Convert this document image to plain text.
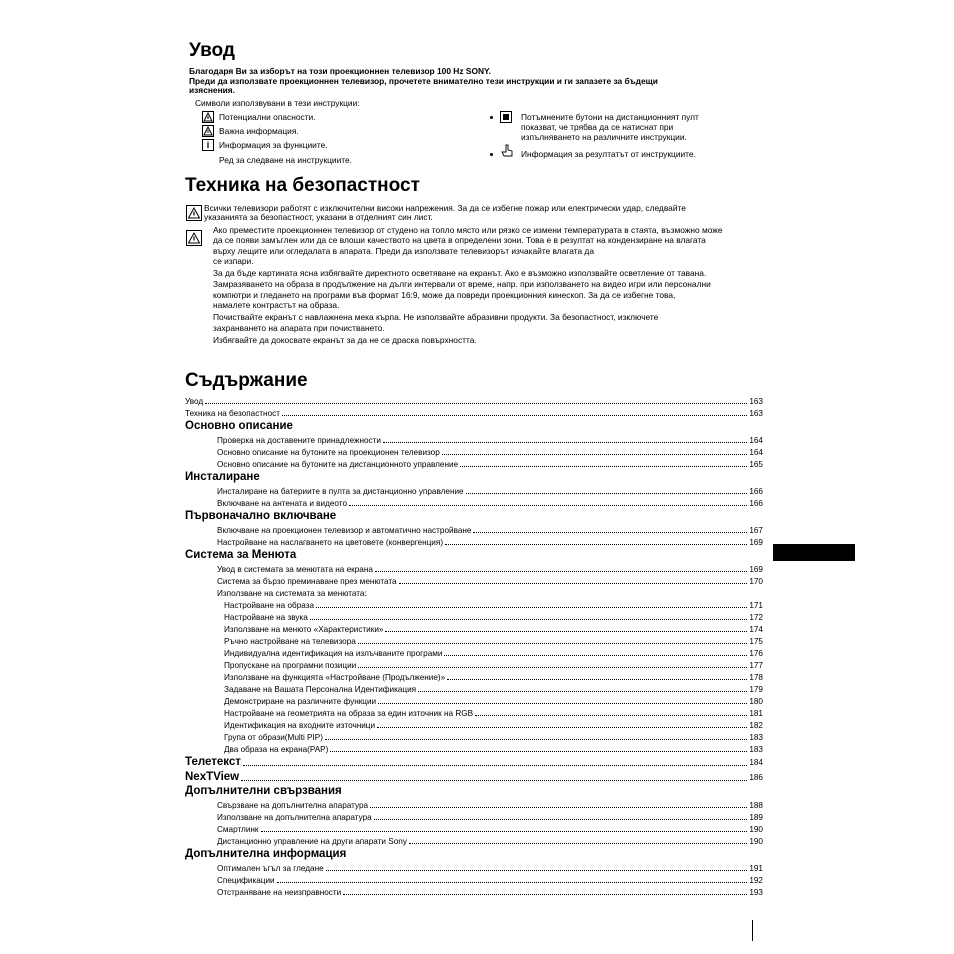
Увод
Благодаря Ви за изборът на този проекционнен телевизор 100 Hz SONY.
Преди да използвате проекционнен телевизор, прочетете внимателно тези инструкции и ги запазете за бъдещи
изяснения.
Символи използвувани в тези инструкции:
Потенциални опасности.
Важна информация.
i	Информация за функциите.
Ред за следване на инструкциите.
Потъмнените бутони на дистанционният пулт
показват, че трябва да се натиснат при
изпълняването на различните инструкции.
Информация за резултатът от инструкциите.
Техника на безопастност
Всички телевизори работят с изключителни високи напрежения. За да се избегне пожар или електрически удар, следвайте
указанията за безопастност, указани в отделният син лист.
Ако преместите проекционнен телевизор от студено на топло място или рязко се измени температурата в стаята, възможно може
да се появи замъглен или да се влоши качеството на цвета в определени зони. Това е в резултат на кондензиране на влагата
върху лещите или огледалата в апарата. Преди да използвате телевизорът изчакайте влагата да
се изпари.
За да бъде картината ясна избягвайте директното осветяване на екранът. Ако е възможно използвайте осветление от тавана.
Замразяването на образа в продължение на дълги интервали от време, напр. при използването на видео игри или персонални
компютри и гледането на програми във формат 16:9, може да повреди проекционния кинескоп. За да се избегне това,
намалете контрастът на образа.
Почиствайте екранът с навлажнена мека кърпа. Не използвайте абразивни продукти. За безопастност, изключете
захранването на апарата при почистването.
Избягвайте да докосвате екранът за да не се драска повърхността.
Съдържание
Увод	163
Техника на безопастност	163
Основно описание
Проверка на доставените принадлежности	164
Основно описание на бутоните на проекционен телевизор	164
Основно описание на бутоните на дистанционното управление	165
Инсталиране
Инсталиране на батериите в пулта за дистанционно управление	166
Включване на антената и видеото	166
Първоначално включване
Включване на проекционен телевизор и автоматично настройване	167
Настройване на наслагването на цветовете (конвергенция)	169
Система за Менюта
Увод в системата за менютата на екрана	169
Система за бързо преминаване през менютата	170
Използване на системата за менютата:
Настройване на образа	171
Настройване на звука	172
Използване на менюто «Характеристики»	174
Ръчно настройване на телевизора	175
Индивидуална идентификация на излъчваните програми	176
Пропускане на програмни позиции	177
Използване на функцията «Настройване (Продължение)»	178
Задаване на Вашата Персонална Идентификация	179
Демонстриране на различните функции	180
Настройване на геометрията на образа за един източник на RGB	181
Идентификация на входните източници	182
Група от образи(Multi PIP)	183
Два образа на екрана(PAP)	183
Телетекст	184
NexTView	186
Допълнителни свързвания
Свързване на допълнителна апаратура	188
Използване на допълнителна апаратура	189
Смартлинк	190
Дистанционно управление на други апарати Sony	190
Допълнителна информация
Оптимален ъгъл за гледане	191
Спецификации	192
Отстраняване на неизправности	193
